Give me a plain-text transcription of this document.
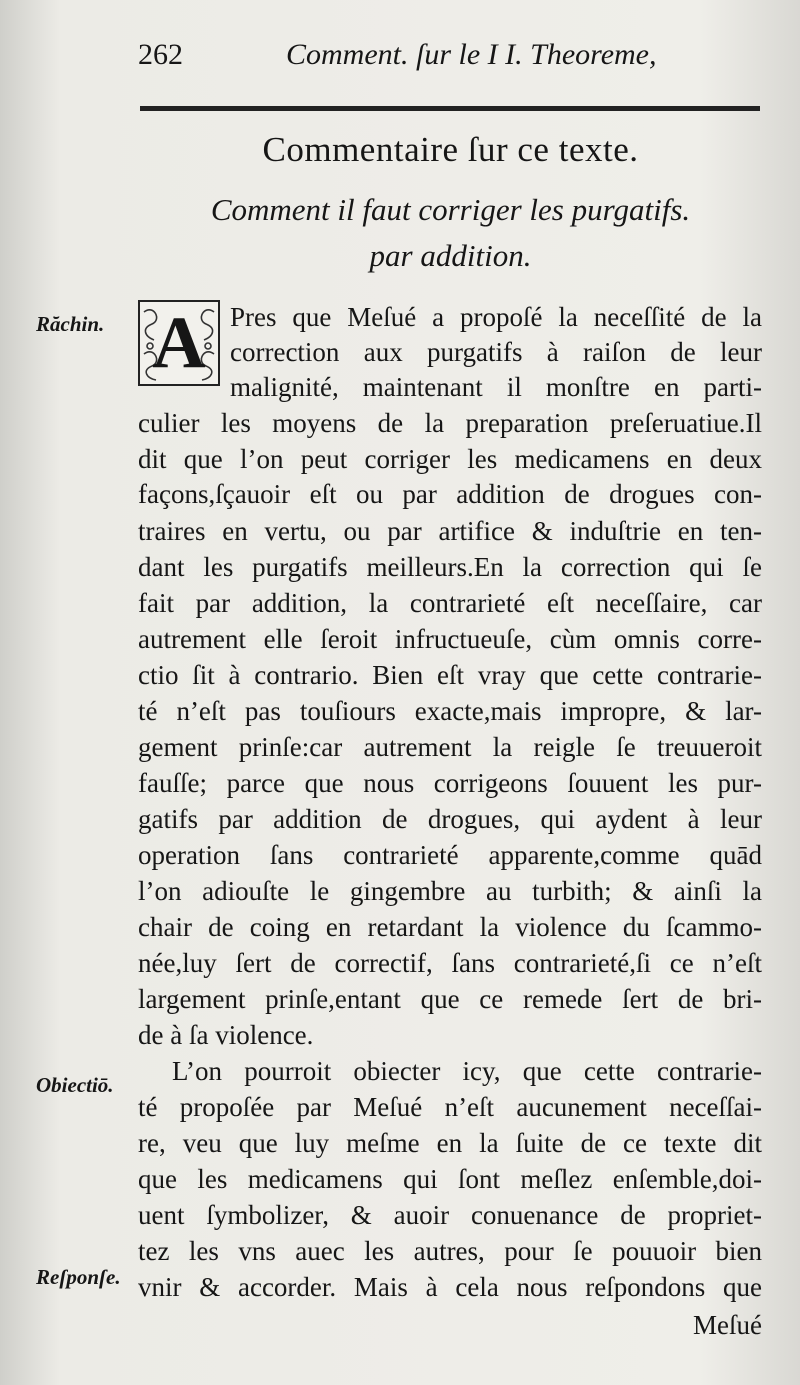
262	Comment. ſur le I I. Theoreme,
Commentaire ſur ce texte.
Comment il faut corriger les purgatifs.
par addition.
Răchin.
Obiectiō.
Reſponſe.
A Pres que Meſué a propoſé la neceſſité de la
correction aux purgatifs à raiſon de leur
malignité, maintenant il monſtre en parti-
culier les moyens de la preparation preſeruatiue.Il
dit que l’on peut corriger les medicamens en deux
façons,ſçauoir eſt ou par addition de drogues con-
traires en vertu, ou par artifice & induſtrie en ten-
dant les purgatifs meilleurs.En la correction qui ſe
fait par addition, la contrarieté eſt neceſſaire, car
autrement elle ſeroit infructueuſe, cùm omnis corre-
ctio ſit à contrario. Bien eſt vray que cette contrarie-
té n’eſt pas touſiours exacte,mais impropre, & lar-
gement prinſe:car autrement la reigle ſe treuueroit
fauſſe; parce que nous corrigeons ſouuent les pur-
gatifs par addition de drogues, qui aydent à leur
operation ſans contrarieté apparente,comme quād
l’on adiouſte le gingembre au turbith; & ainſi la
chair de coing en retardant la violence du ſcammo-
née,luy ſert de correctif, ſans contrarieté,ſi ce n’eſt
largement prinſe,entant que ce remede ſert de bri-
de à ſa violence.
L’on pourroit obiecter icy, que cette contrarie-
té propoſée par Meſué n’eſt aucunement neceſſai-
re, veu que luy meſme en la ſuite de ce texte dit
que les medicamens qui ſont meſlez enſemble,doi-
uent ſymbolizer, & auoir conuenance de propriet-
tez les vns auec les autres, pour ſe pouuoir bien
vnir & accorder. Mais à cela nous reſpondons que
Meſué
